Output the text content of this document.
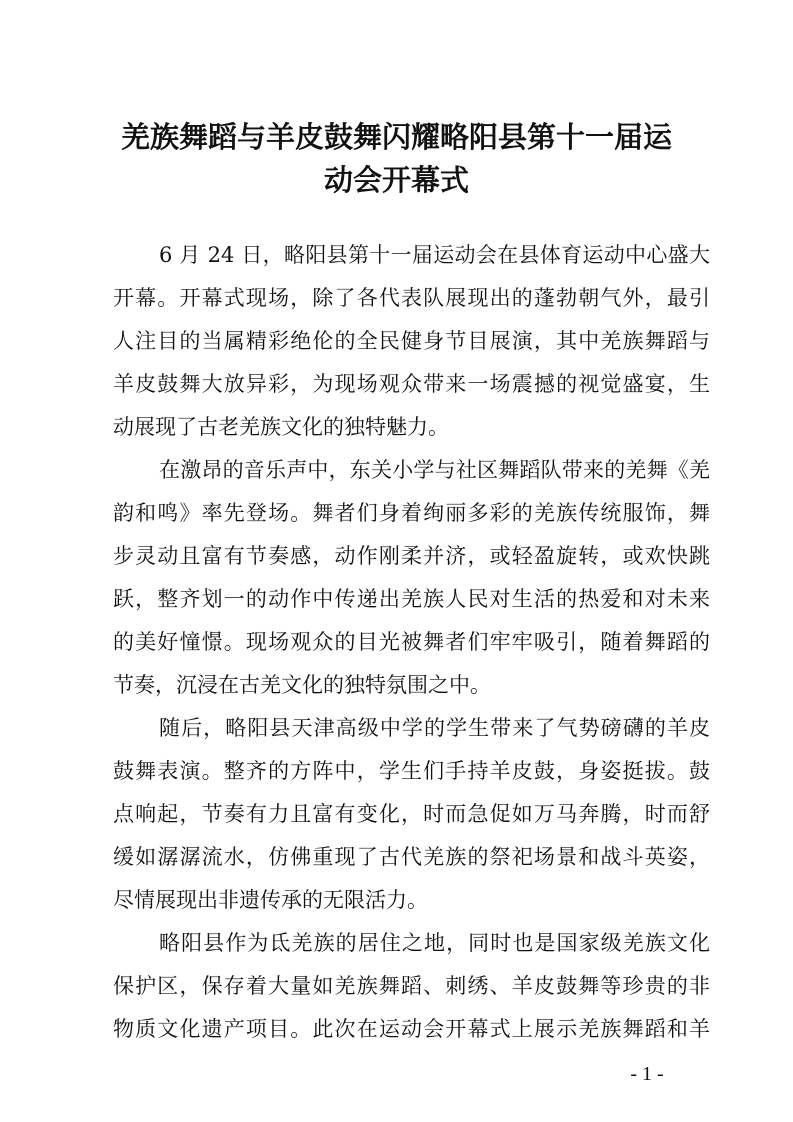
羌族舞蹈与羊皮鼓舞闪耀略阳县第十一届运
动会开幕式
6 月 24 日，略阳县第十一届运动会在县体育运动中心盛大
开幕。开幕式现场，除了各代表队展现出的蓬勃朝气外，最引
人注目的当属精彩绝伦的全民健身节目展演，其中羌族舞蹈与
羊皮鼓舞大放异彩，为现场观众带来一场震撼的视觉盛宴，生
动展现了古老羌族文化的独特魅力。
在激昂的音乐声中，东关小学与社区舞蹈队带来的羌舞《羌
韵和鸣》率先登场。舞者们身着绚丽多彩的羌族传统服饰，舞
步灵动且富有节奏感，动作刚柔并济，或轻盈旋转，或欢快跳
跃，整齐划一的动作中传递出羌族人民对生活的热爱和对未来
的美好憧憬。现场观众的目光被舞者们牢牢吸引，随着舞蹈的
节奏，沉浸在古羌文化的独特氛围之中。
随后，略阳县天津高级中学的学生带来了气势磅礴的羊皮
鼓舞表演。整齐的方阵中，学生们手持羊皮鼓，身姿挺拔。鼓
点响起，节奏有力且富有变化，时而急促如万马奔腾，时而舒
缓如潺潺流水，仿佛重现了古代羌族的祭祀场景和战斗英姿，
尽情展现出非遗传承的无限活力。
略阳县作为氐羌族的居住之地，同时也是国家级羌族文化
保护区，保存着大量如羌族舞蹈、刺绣、羊皮鼓舞等珍贵的非
物质文化遗产项目。此次在运动会开幕式上展示羌族舞蹈和羊
- 1 -
